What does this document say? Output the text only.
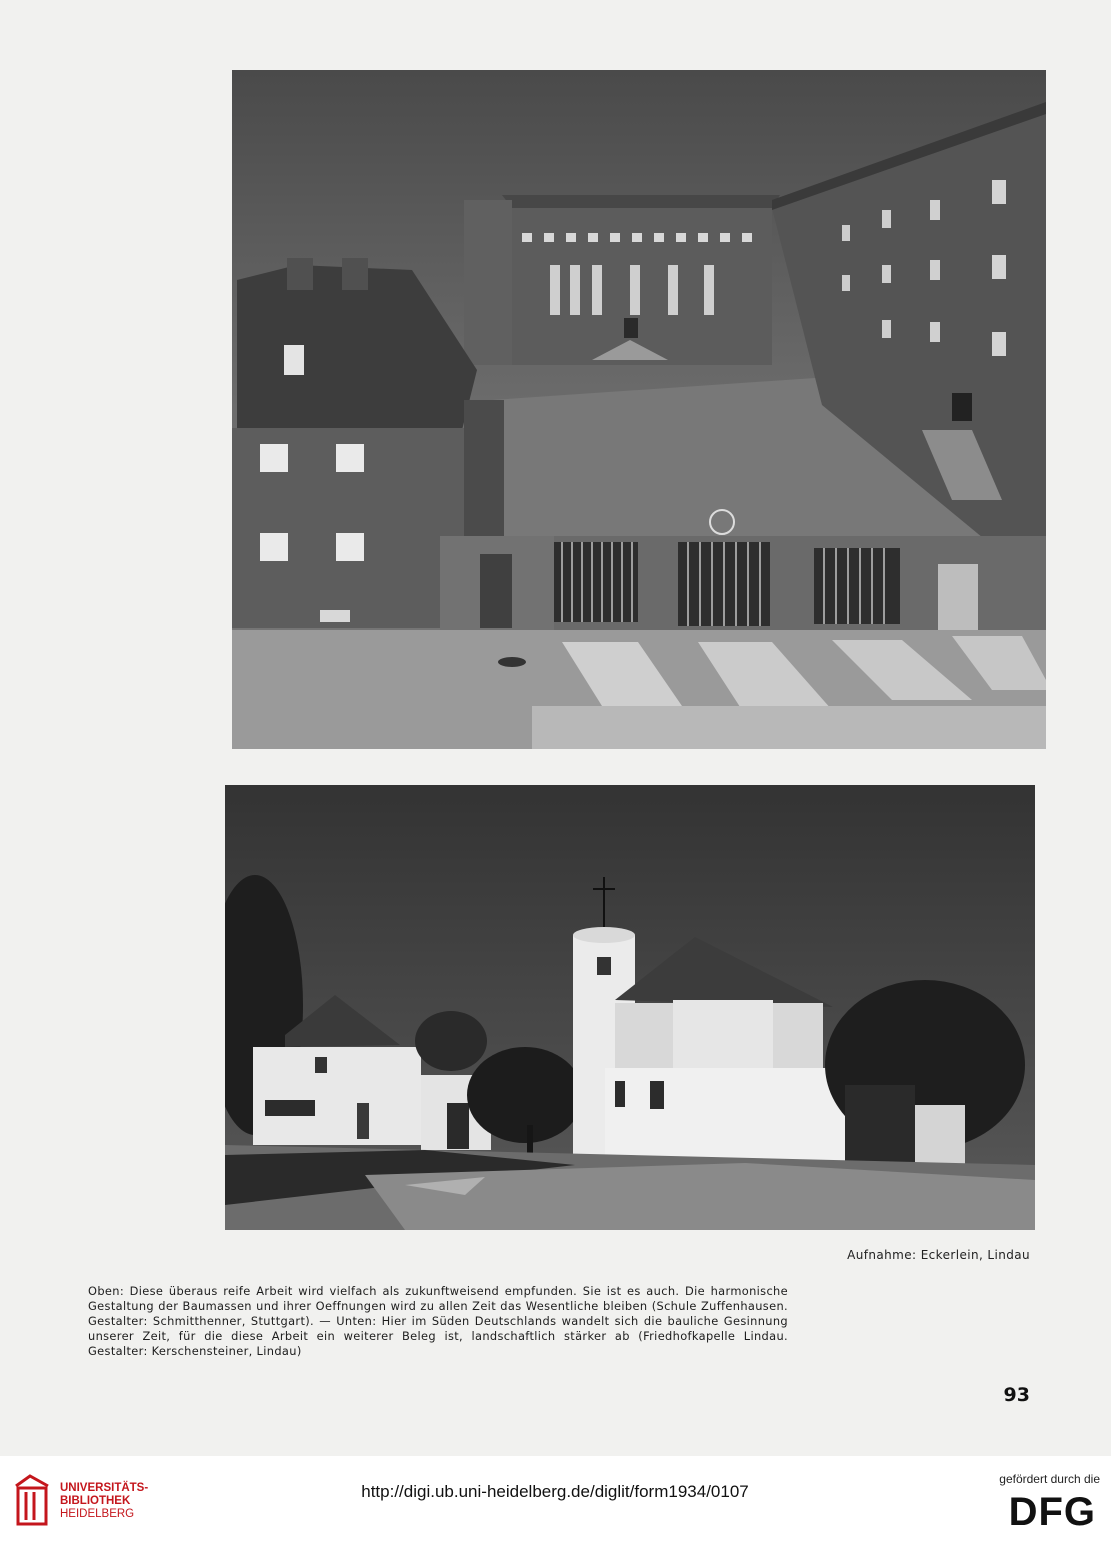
Aufnahme: Eckerlein, Lindau

Oben: Diese überaus reife Arbeit wird vielfach als zukunftweisend empfunden. Sie ist es auch. Die harmonische Gestaltung der Baumassen und ihrer Oeffnungen wird zu allen Zeit das Wesentliche bleiben (Schule Zuffenhausen. Gestalter: Schmitthenner, Stuttgart). — Unten: Hier im Süden Deutschlands wandelt sich die bauliche Gesinnung unserer Zeit, für die diese Arbeit ein weiterer Beleg ist, landschaftlich stärker ab (Friedhofkapelle Lindau. Gestalter: Kerschensteiner, Lindau)

93
UNIVERSITÄTS-
BIBLIOTHEK
HEIDELBERG
http://digi.ub.uni-heidelberg.de/diglit/form1934/0107
gefördert durch die
DFG
